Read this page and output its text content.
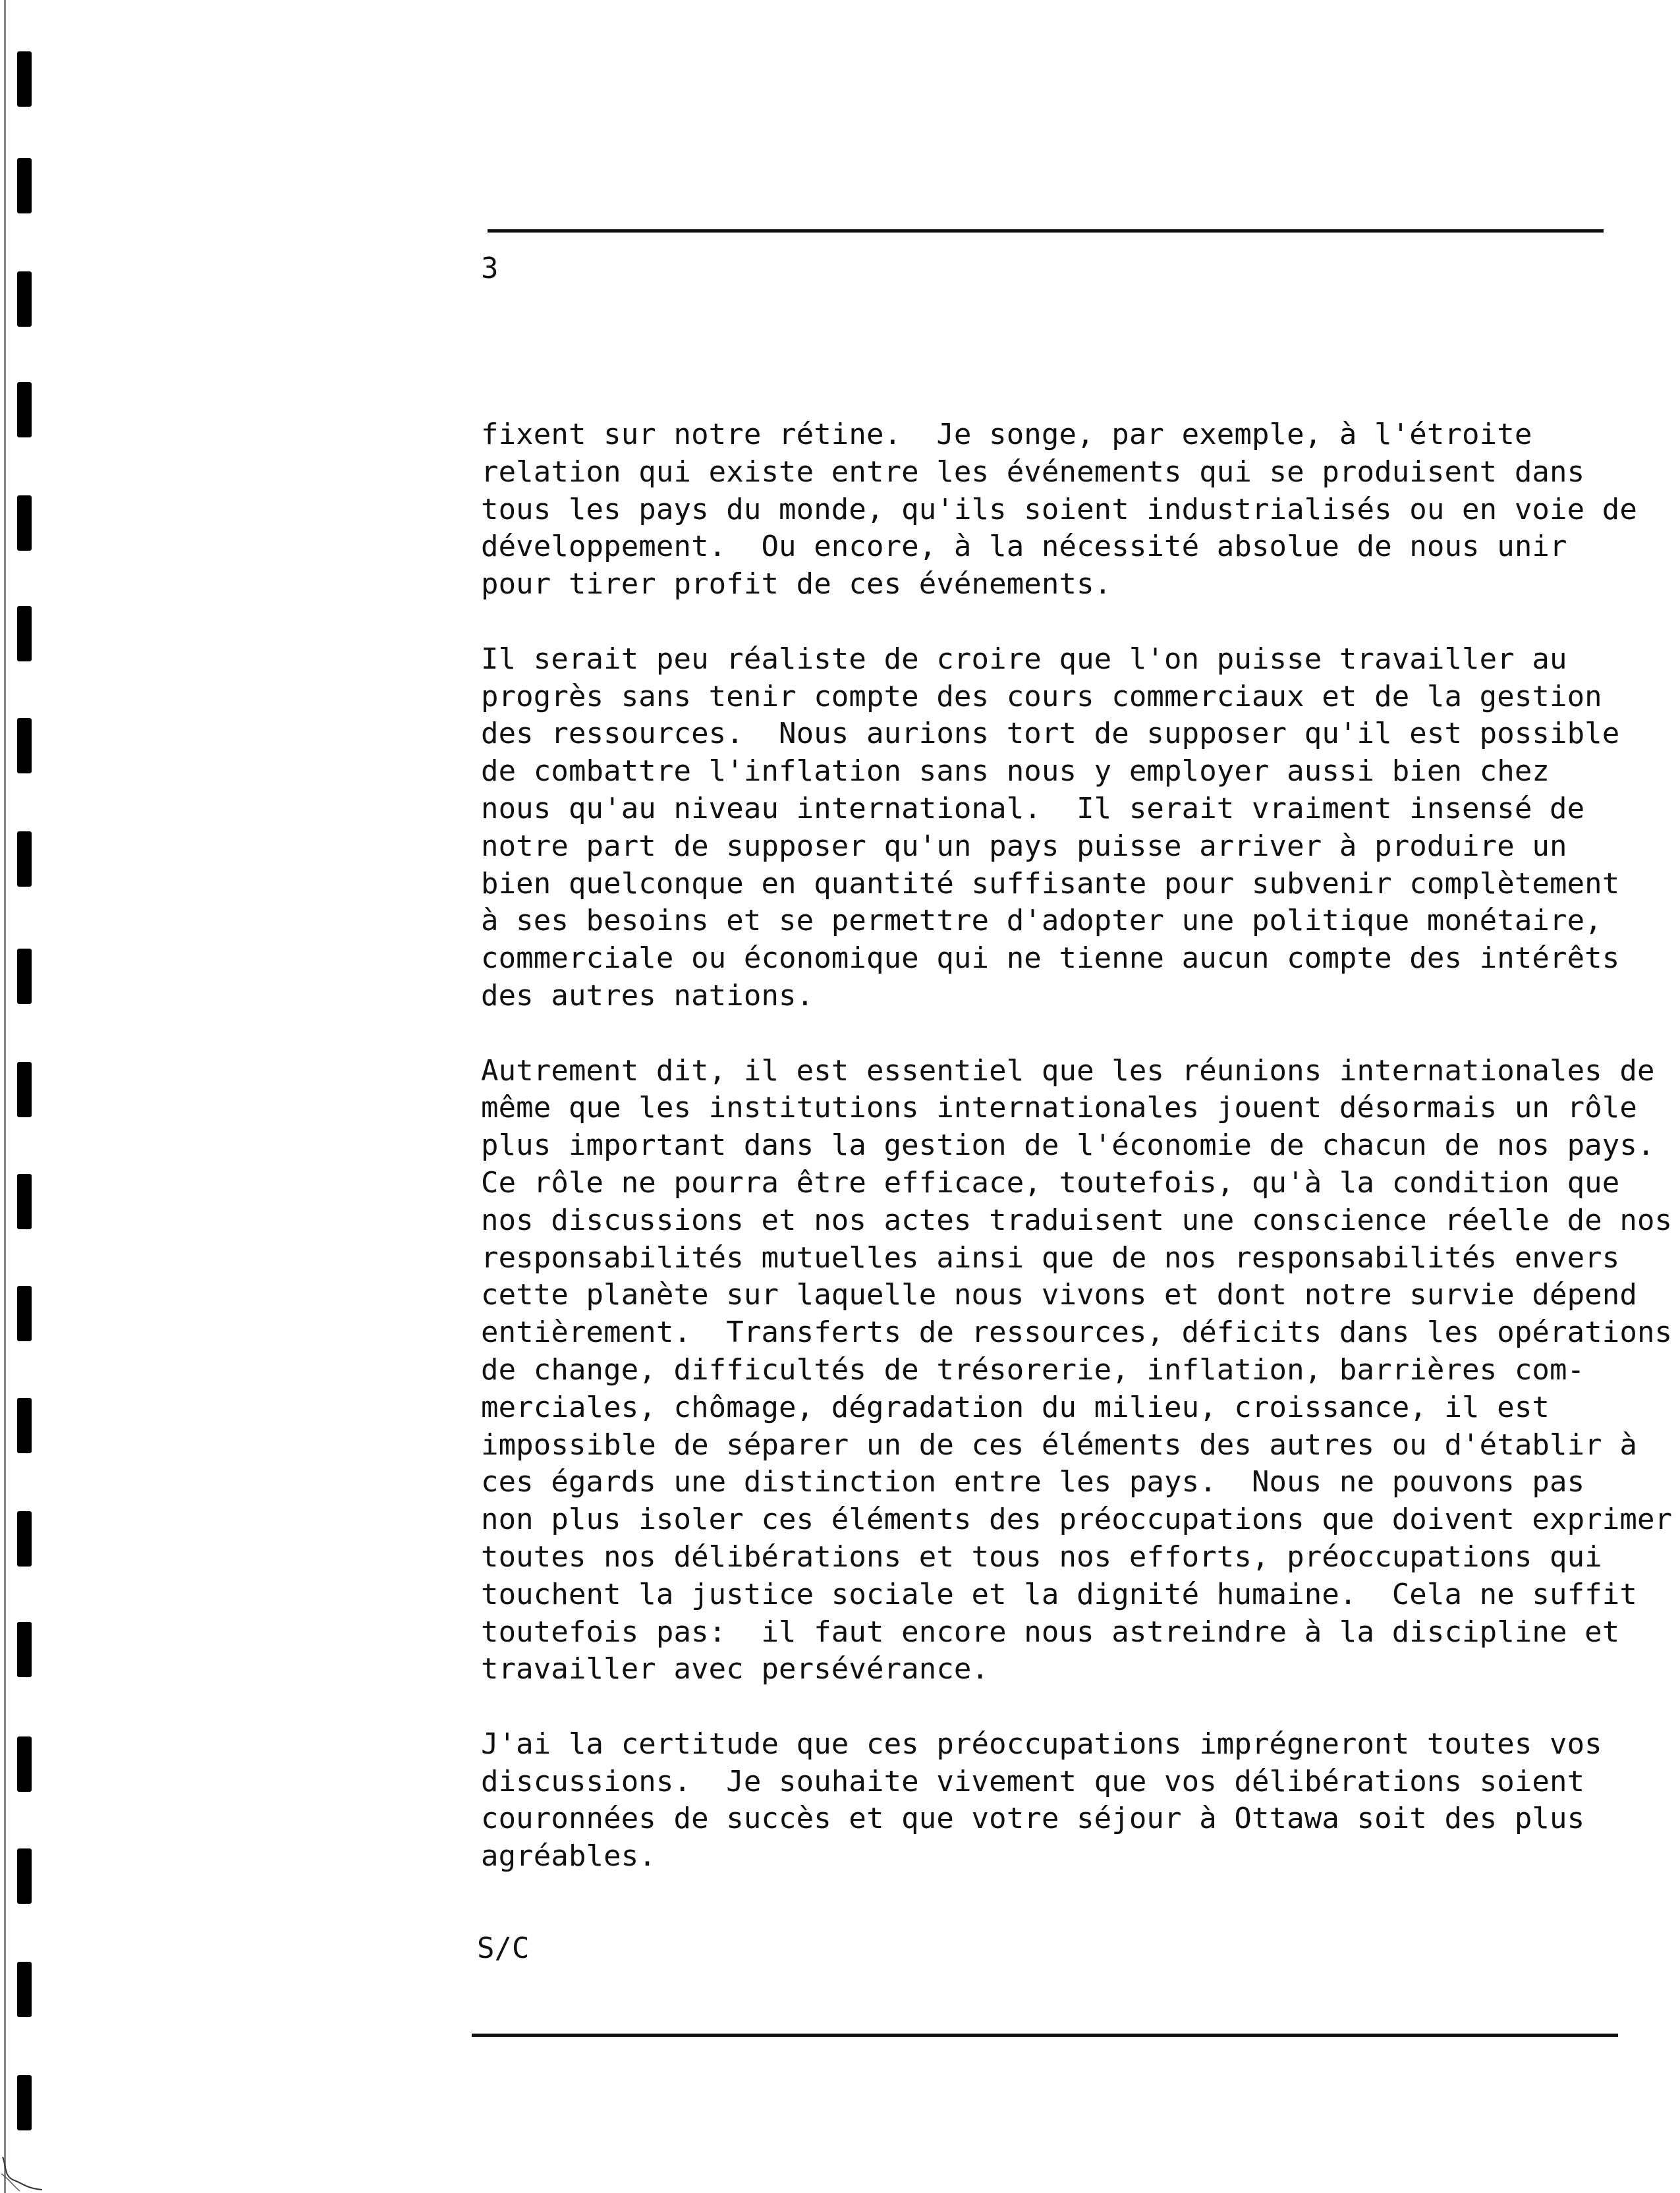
3
fixent sur notre rétine.  Je songe, par exemple, à l'étroite
relation qui existe entre les événements qui se produisent dans
tous les pays du monde, qu'ils soient industrialisés ou en voie de
développement.  Ou encore, à la nécessité absolue de nous unir
pour tirer profit de ces événements.
Il serait peu réaliste de croire que l'on puisse travailler au
progrès sans tenir compte des cours commerciaux et de la gestion
des ressources.  Nous aurions tort de supposer qu'il est possible
de combattre l'inflation sans nous y employer aussi bien chez
nous qu'au niveau international.  Il serait vraiment insensé de
notre part de supposer qu'un pays puisse arriver à produire un
bien quelconque en quantité suffisante pour subvenir complètement
à ses besoins et se permettre d'adopter une politique monétaire,
commerciale ou économique qui ne tienne aucun compte des intérêts
des autres nations.
Autrement dit, il est essentiel que les réunions internationales de
même que les institutions internationales jouent désormais un rôle
plus important dans la gestion de l'économie de chacun de nos pays.
Ce rôle ne pourra être efficace, toutefois, qu'à la condition que
nos discussions et nos actes traduisent une conscience réelle de nos
responsabilités mutuelles ainsi que de nos responsabilités envers
cette planète sur laquelle nous vivons et dont notre survie dépend
entièrement.  Transferts de ressources, déficits dans les opérations
de change, difficultés de trésorerie, inflation, barrières com-
merciales, chômage, dégradation du milieu, croissance, il est
impossible de séparer un de ces éléments des autres ou d'établir à
ces égards une distinction entre les pays.  Nous ne pouvons pas
non plus isoler ces éléments des préoccupations que doivent exprimer
toutes nos délibérations et tous nos efforts, préoccupations qui
touchent la justice sociale et la dignité humaine.  Cela ne suffit
toutefois pas:  il faut encore nous astreindre à la discipline et
travailler avec persévérance.
J'ai la certitude que ces préoccupations imprégneront toutes vos
discussions.  Je souhaite vivement que vos délibérations soient
couronnées de succès et que votre séjour à Ottawa soit des plus
agréables.
S/C
